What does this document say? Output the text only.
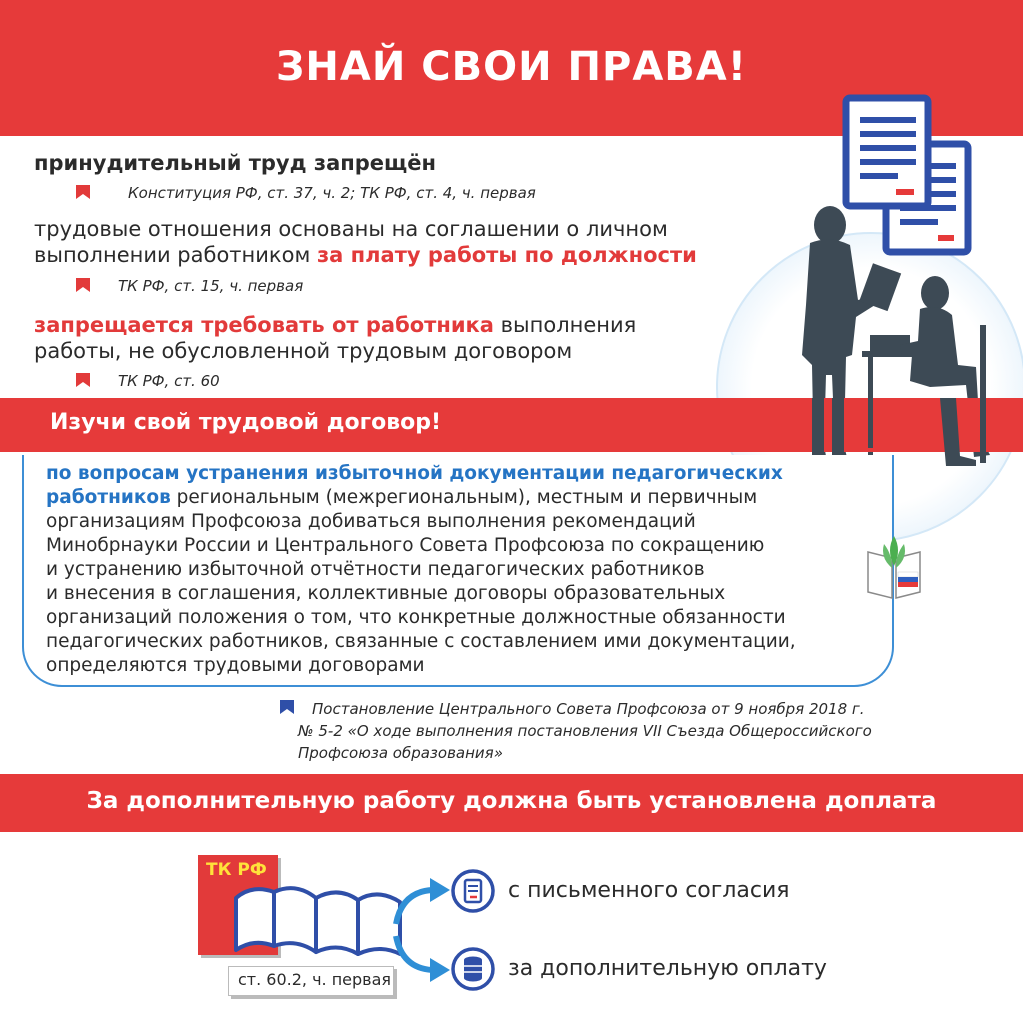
ЗНАЙ СВОИ ПРАВА!
принудительный труд запрещён
Конституция РФ, ст. 37, ч. 2; ТК РФ, ст. 4, ч. первая
трудовые отношения основаны на соглашении о личном
выполнении работником за плату работы по должности
ТК РФ, ст. 15, ч. первая
запрещается требовать от работника выполнения
работы, не обусловленной трудовым договором
ТК РФ, ст. 60
Изучи свой трудовой договор!
по вопросам устранения избыточной документации педагогических
работников региональным (межрегиональным), местным и первичным
организациям Профсоюза добиваться выполнения рекомендаций
Минобрнауки России и Центрального Совета Профсоюза по сокращению
и устранению избыточной отчётности педагогических работников
и внесения в соглашения, коллективные договоры образовательных
организаций положения о том, что конкретные должностные обязанности
педагогических работников, связанные с составлением ими документации,
определяются трудовыми договорами
Постановление Центрального Совета Профсоюза от 9 ноября 2018 г.
№ 5-2 «О ходе выполнения постановления VII Съезда Общероссийского
Профсоюза образования»
За дополнительную работу должна быть установлена доплата
ТК РФ
ст. 60.2, ч. первая
с письменного согласия
за дополнительную оплату
